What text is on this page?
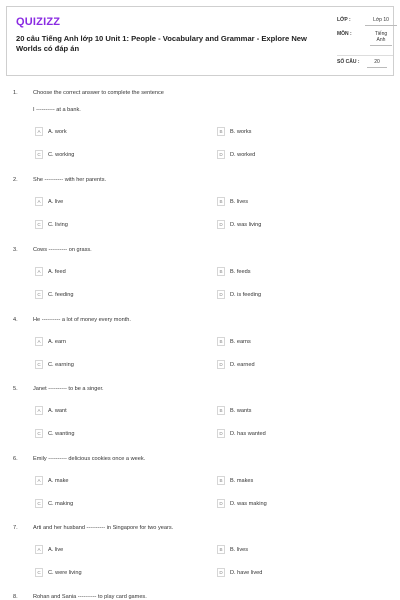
QUIZIZZ
20 câu Tiếng Anh lớp 10 Unit 1: People - Vocabulary and Grammar - Explore New Worlds có đáp án
LỚP :	Lớp 10
MÔN :	Tiếng Anh
SỐ CÂU :	20
1.	Choose the correct answer to complete the sentence
I ---------- at a bank.
A	A. work	B	B. works
C	C. working	D	D. worked
2.	She ---------- with her parents.
A	A. live	B	B. lives
C	C. living	D	D. was living
3.	Cows ---------- on grass.
A	A. feed	B	B. feeds
C	C. feeding	D	D. is feeding
4.	He ---------- a lot of money every month.
A	A. earn	B	B. earns
C	C. earning	D	D. earned
5.	Janet ---------- to be a singer.
A	A. want	B	B. wants
C	C. wanting	D	D. has wanted
6.	Emily ---------- delicious cookies once a week.
A	A. make	B	B. makes
C	C. making	D	D. was making
7.	Arti and her husband ---------- in Singapore for two years.
A	A. live	B	B. lives
C	C. were living	D	D. have lived
8.	Rohan and Sania ---------- to play card games.
